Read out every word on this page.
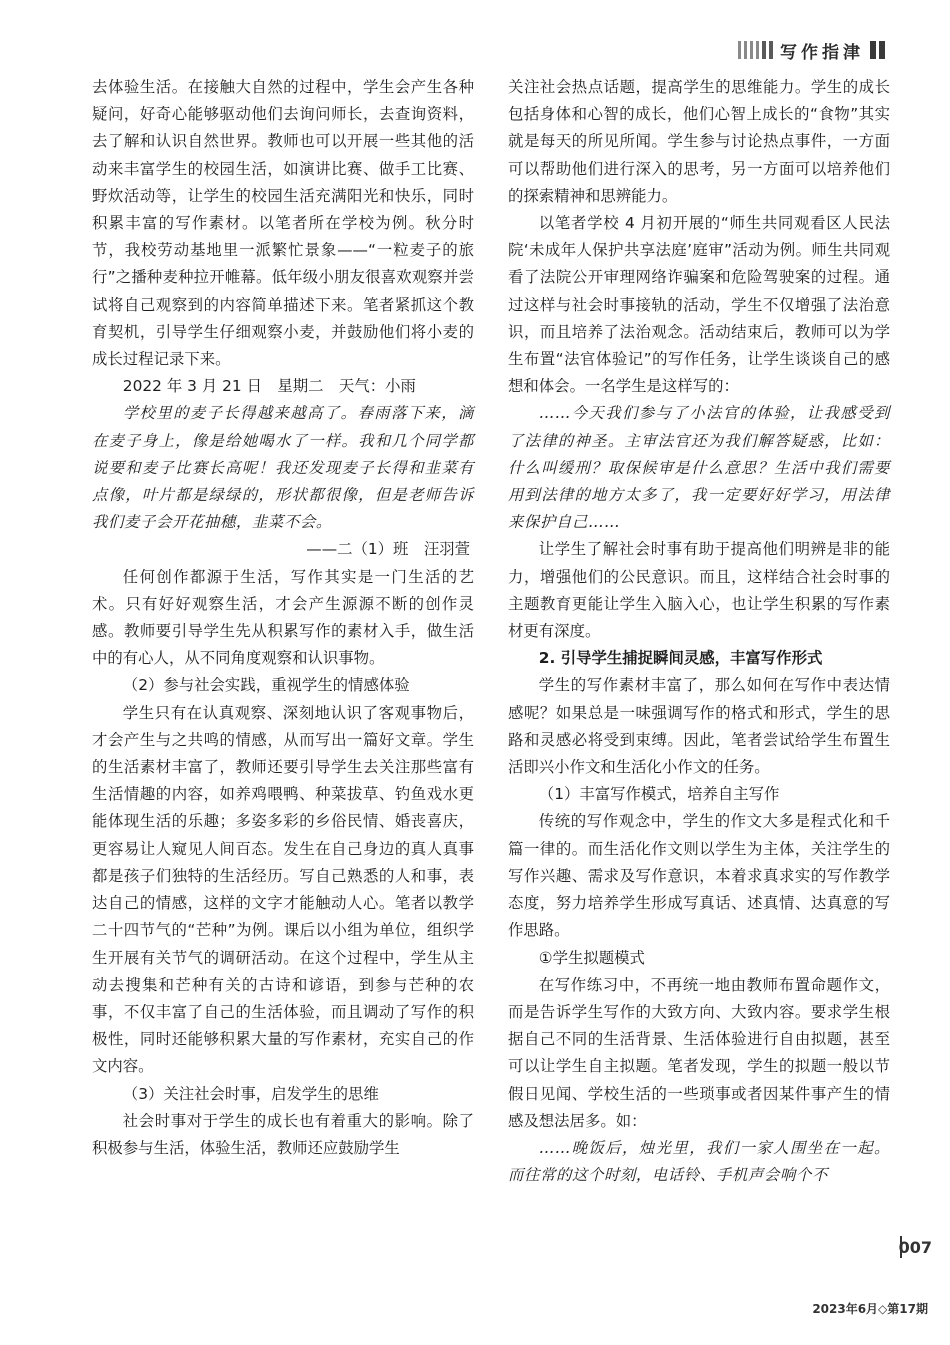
写作指津

去体验生活。在接触大自然的过程中，学生会产生各种疑问，好奇心能够驱动他们去询问师长，去查询资料，去了解和认识自然世界。教师也可以开展一些其他的活动来丰富学生的校园生活，如演讲比赛、做手工比赛、野炊活动等，让学生的校园生活充满阳光和快乐，同时积累丰富的写作素材。以笔者所在学校为例。秋分时节，我校劳动基地里一派繁忙景象——“一粒麦子的旅行”之播种麦种拉开帷幕。低年级小朋友很喜欢观察并尝试将自己观察到的内容简单描述下来。笔者紧抓这个教育契机，引导学生仔细观察小麦，并鼓励他们将小麦的成长过程记录下来。

2022 年 3 月 21 日　星期二　天气：小雨

学校里的麦子长得越来越高了。春雨落下来，滴在麦子身上，像是给她喝水了一样。我和几个同学都说要和麦子比赛长高呢！我还发现麦子长得和韭菜有点像，叶片都是绿绿的，形状都很像，但是老师告诉我们麦子会开花抽穗，韭菜不会。

——二（1）班　汪羽萱

任何创作都源于生活，写作其实是一门生活的艺术。只有好好观察生活，才会产生源源不断的创作灵感。教师要引导学生先从积累写作的素材入手，做生活中的有心人，从不同角度观察和认识事物。

（2）参与社会实践，重视学生的情感体验

学生只有在认真观察、深刻地认识了客观事物后，才会产生与之共鸣的情感，从而写出一篇好文章。学生的生活素材丰富了，教师还要引导学生去关注那些富有生活情趣的内容，如养鸡喂鸭、种菜拔草、钓鱼戏水更能体现生活的乐趣；多姿多彩的乡俗民情、婚丧喜庆，更容易让人窥见人间百态。发生在自己身边的真人真事都是孩子们独特的生活经历。写自己熟悉的人和事，表达自己的情感，这样的文字才能触动人心。笔者以教学二十四节气的“芒种”为例。课后以小组为单位，组织学生开展有关节气的调研活动。在这个过程中，学生从主动去搜集和芒种有关的古诗和谚语，到参与芒种的农事，不仅丰富了自己的生活体验，而且调动了写作的积极性，同时还能够积累大量的写作素材，充实自己的作文内容。

（3）关注社会时事，启发学生的思维

社会时事对于学生的成长也有着重大的影响。除了积极参与生活，体验生活，教师还应鼓励学生

关注社会热点话题，提高学生的思维能力。学生的成长包括身体和心智的成长，他们心智上成长的“食物”其实就是每天的所见所闻。学生参与讨论热点事件，一方面可以帮助他们进行深入的思考，另一方面可以培养他们的探索精神和思辨能力。

以笔者学校 4 月初开展的“师生共同观看区人民法院‘未成年人保护共享法庭’庭审”活动为例。师生共同观看了法院公开审理网络诈骗案和危险驾驶案的过程。通过这样与社会时事接轨的活动，学生不仅增强了法治意识，而且培养了法治观念。活动结束后，教师可以为学生布置“法官体验记”的写作任务，让学生谈谈自己的感想和体会。一名学生是这样写的：

……今天我们参与了小法官的体验，让我感受到了法律的神圣。主审法官还为我们解答疑惑，比如：什么叫缓刑？取保候审是什么意思？生活中我们需要用到法律的地方太多了，我一定要好好学习，用法律来保护自己……

让学生了解社会时事有助于提高他们明辨是非的能力，增强他们的公民意识。而且，这样结合社会时事的主题教育更能让学生入脑入心，也让学生积累的写作素材更有深度。

2. 引导学生捕捉瞬间灵感，丰富写作形式

学生的写作素材丰富了，那么如何在写作中表达情感呢？如果总是一味强调写作的格式和形式，学生的思路和灵感必将受到束缚。因此，笔者尝试给学生布置生活即兴小作文和生活化小作文的任务。

（1）丰富写作模式，培养自主写作

传统的写作观念中，学生的作文大多是程式化和千篇一律的。而生活化作文则以学生为主体，关注学生的写作兴趣、需求及写作意识，本着求真求实的写作教学态度，努力培养学生形成写真话、述真情、达真意的写作思路。

①学生拟题模式

在写作练习中，不再统一地由教师布置命题作文，而是告诉学生写作的大致方向、大致内容。要求学生根据自己不同的生活背景、生活体验进行自由拟题，甚至可以让学生自主拟题。笔者发现，学生的拟题一般以节假日见闻、学校生活的一些琐事或者因某件事产生的情感及想法居多。如：

……晚饭后，烛光里，我们一家人围坐在一起。而往常的这个时刻，电话铃、手机声会响个不

007
2023年6月◇第17期
